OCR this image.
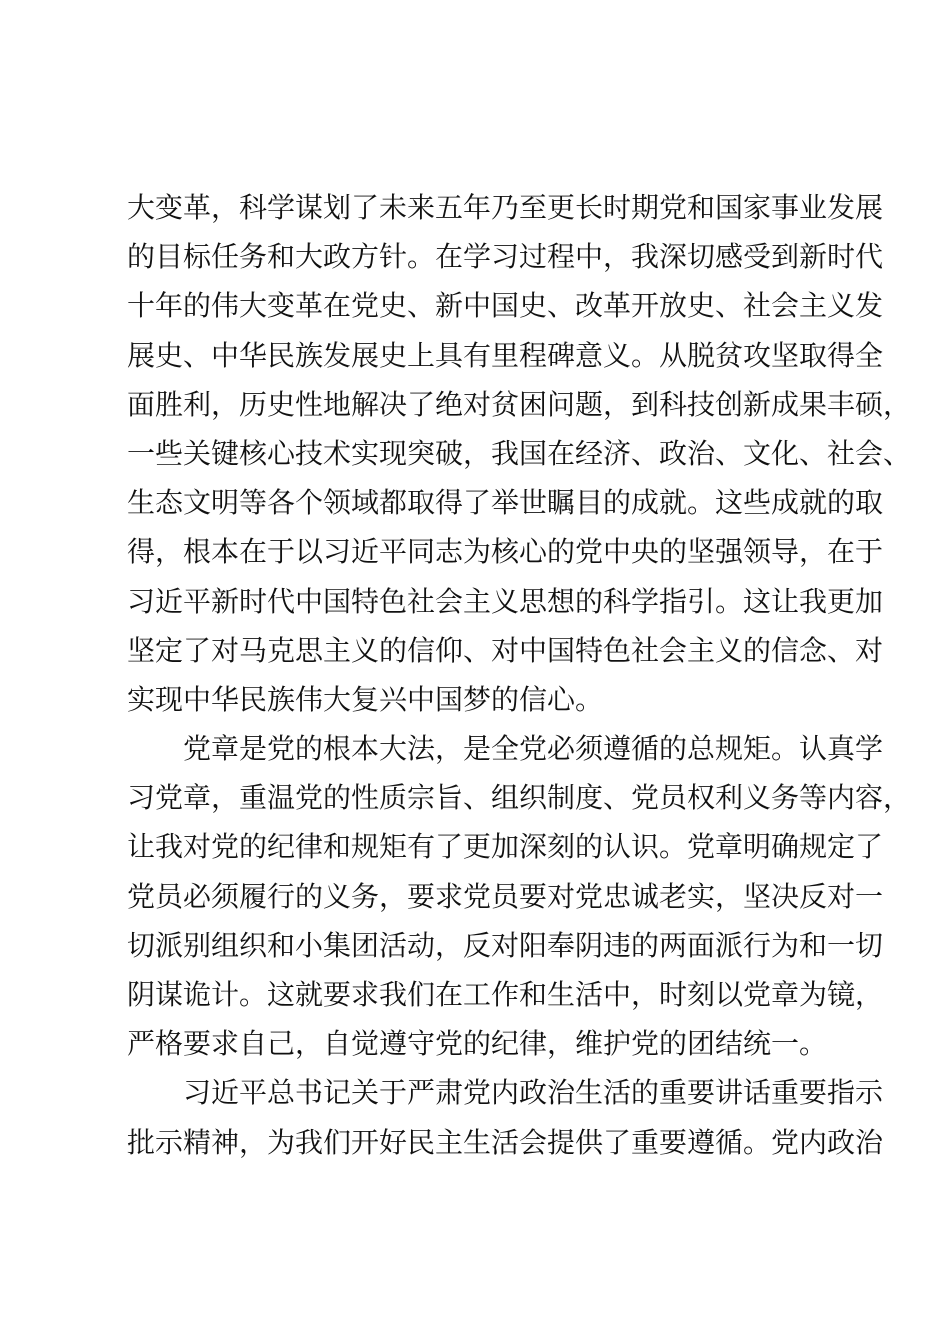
大变革，科学谋划了未来五年乃至更长时期党和国家事业发展
的目标任务和大政方针。在学习过程中，我深切感受到新时代
十年的伟大变革在党史、新中国史、改革开放史、社会主义发
展史、中华民族发展史上具有里程碑意义。从脱贫攻坚取得全
面胜利，历史性地解决了绝对贫困问题，到科技创新成果丰硕，
一些关键核心技术实现突破，我国在经济、政治、文化、社会、
生态文明等各个领域都取得了举世瞩目的成就。这些成就的取
得，根本在于以习近平同志为核心的党中央的坚强领导，在于
习近平新时代中国特色社会主义思想的科学指引。这让我更加
坚定了对马克思主义的信仰、对中国特色社会主义的信念、对
实现中华民族伟大复兴中国梦的信心。
党章是党的根本大法，是全党必须遵循的总规矩。认真学
习党章，重温党的性质宗旨、组织制度、党员权利义务等内容，
让我对党的纪律和规矩有了更加深刻的认识。党章明确规定了
党员必须履行的义务，要求党员要对党忠诚老实，坚决反对一
切派别组织和小集团活动，反对阳奉阴违的两面派行为和一切
阴谋诡计。这就要求我们在工作和生活中，时刻以党章为镜，
严格要求自己，自觉遵守党的纪律，维护党的团结统一。
习近平总书记关于严肃党内政治生活的重要讲话重要指示
批示精神，为我们开好民主生活会提供了重要遵循。党内政治
